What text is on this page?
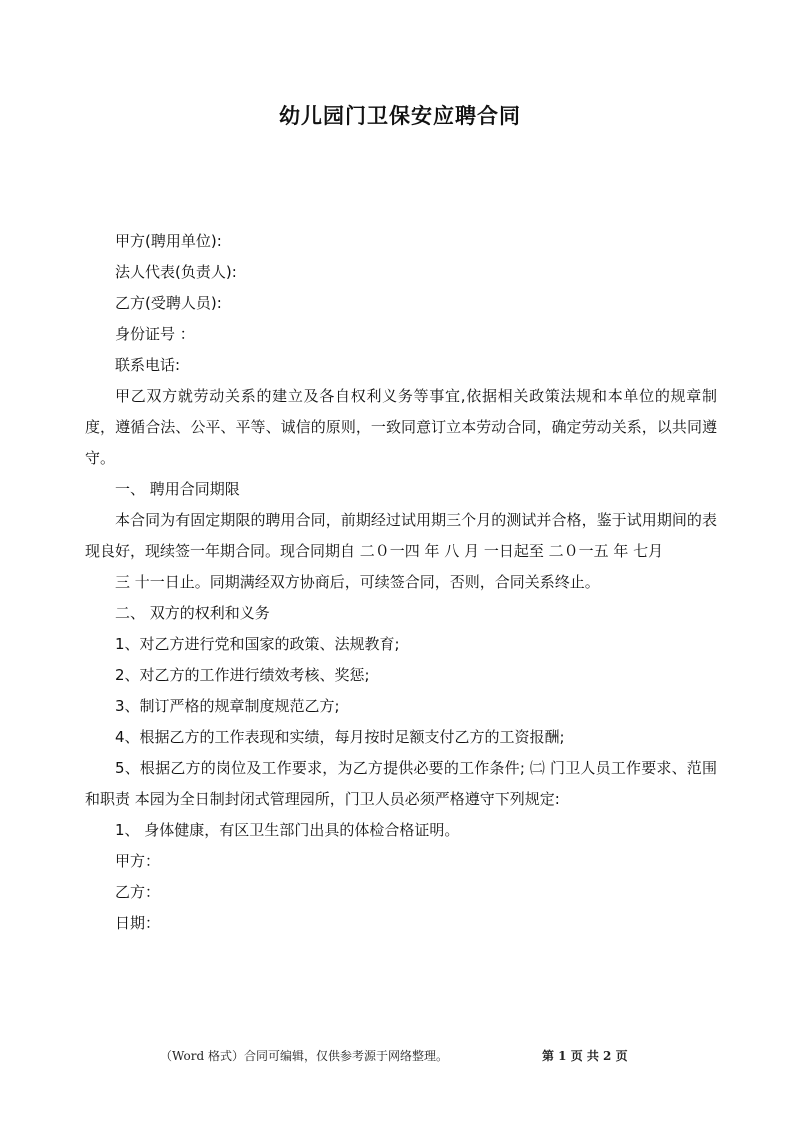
幼儿园门卫保安应聘合同

甲方(聘用单位):

法人代表(负责人):

乙方(受聘人员):

身份证号 ：

联系电话:

甲乙双方就劳动关系的建立及各自权利义务等事宜,依据相关政策法规和本单位的规章制度，遵循合法、公平、平等、诚信的原则，一致同意订立本劳动合同，确定劳动关系，以共同遵守。

一、 聘用合同期限

本合同为有固定期限的聘用合同，前期经过试用期三个月的测试并合格，鉴于试用期间的表现良好，现续签一年期合同。现合同期自 二０一四 年 八 月 一日起至 二０一五 年 七月

三 十一日止。同期满经双方协商后，可续签合同，否则，合同关系终止。

二、 双方的权利和义务

1、对乙方进行党和国家的政策、法规教育;

2、对乙方的工作进行绩效考核、奖惩;

3、制订严格的规章制度规范乙方;

4、根据乙方的工作表现和实绩，每月按时足额支付乙方的工资报酬;

5、根据乙方的岗位及工作要求，为乙方提供必要的工作条件; ㈡ 门卫人员工作要求、范围和职责 本园为全日制封闭式管理园所，门卫人员必须严格遵守下列规定:

1、 身体健康，有区卫生部门出具的体检合格证明。

甲方：

乙方：

日期：

（Word 格式）合同可编辑，仅供参考源于网络整理。	第 1 页 共 2 页
